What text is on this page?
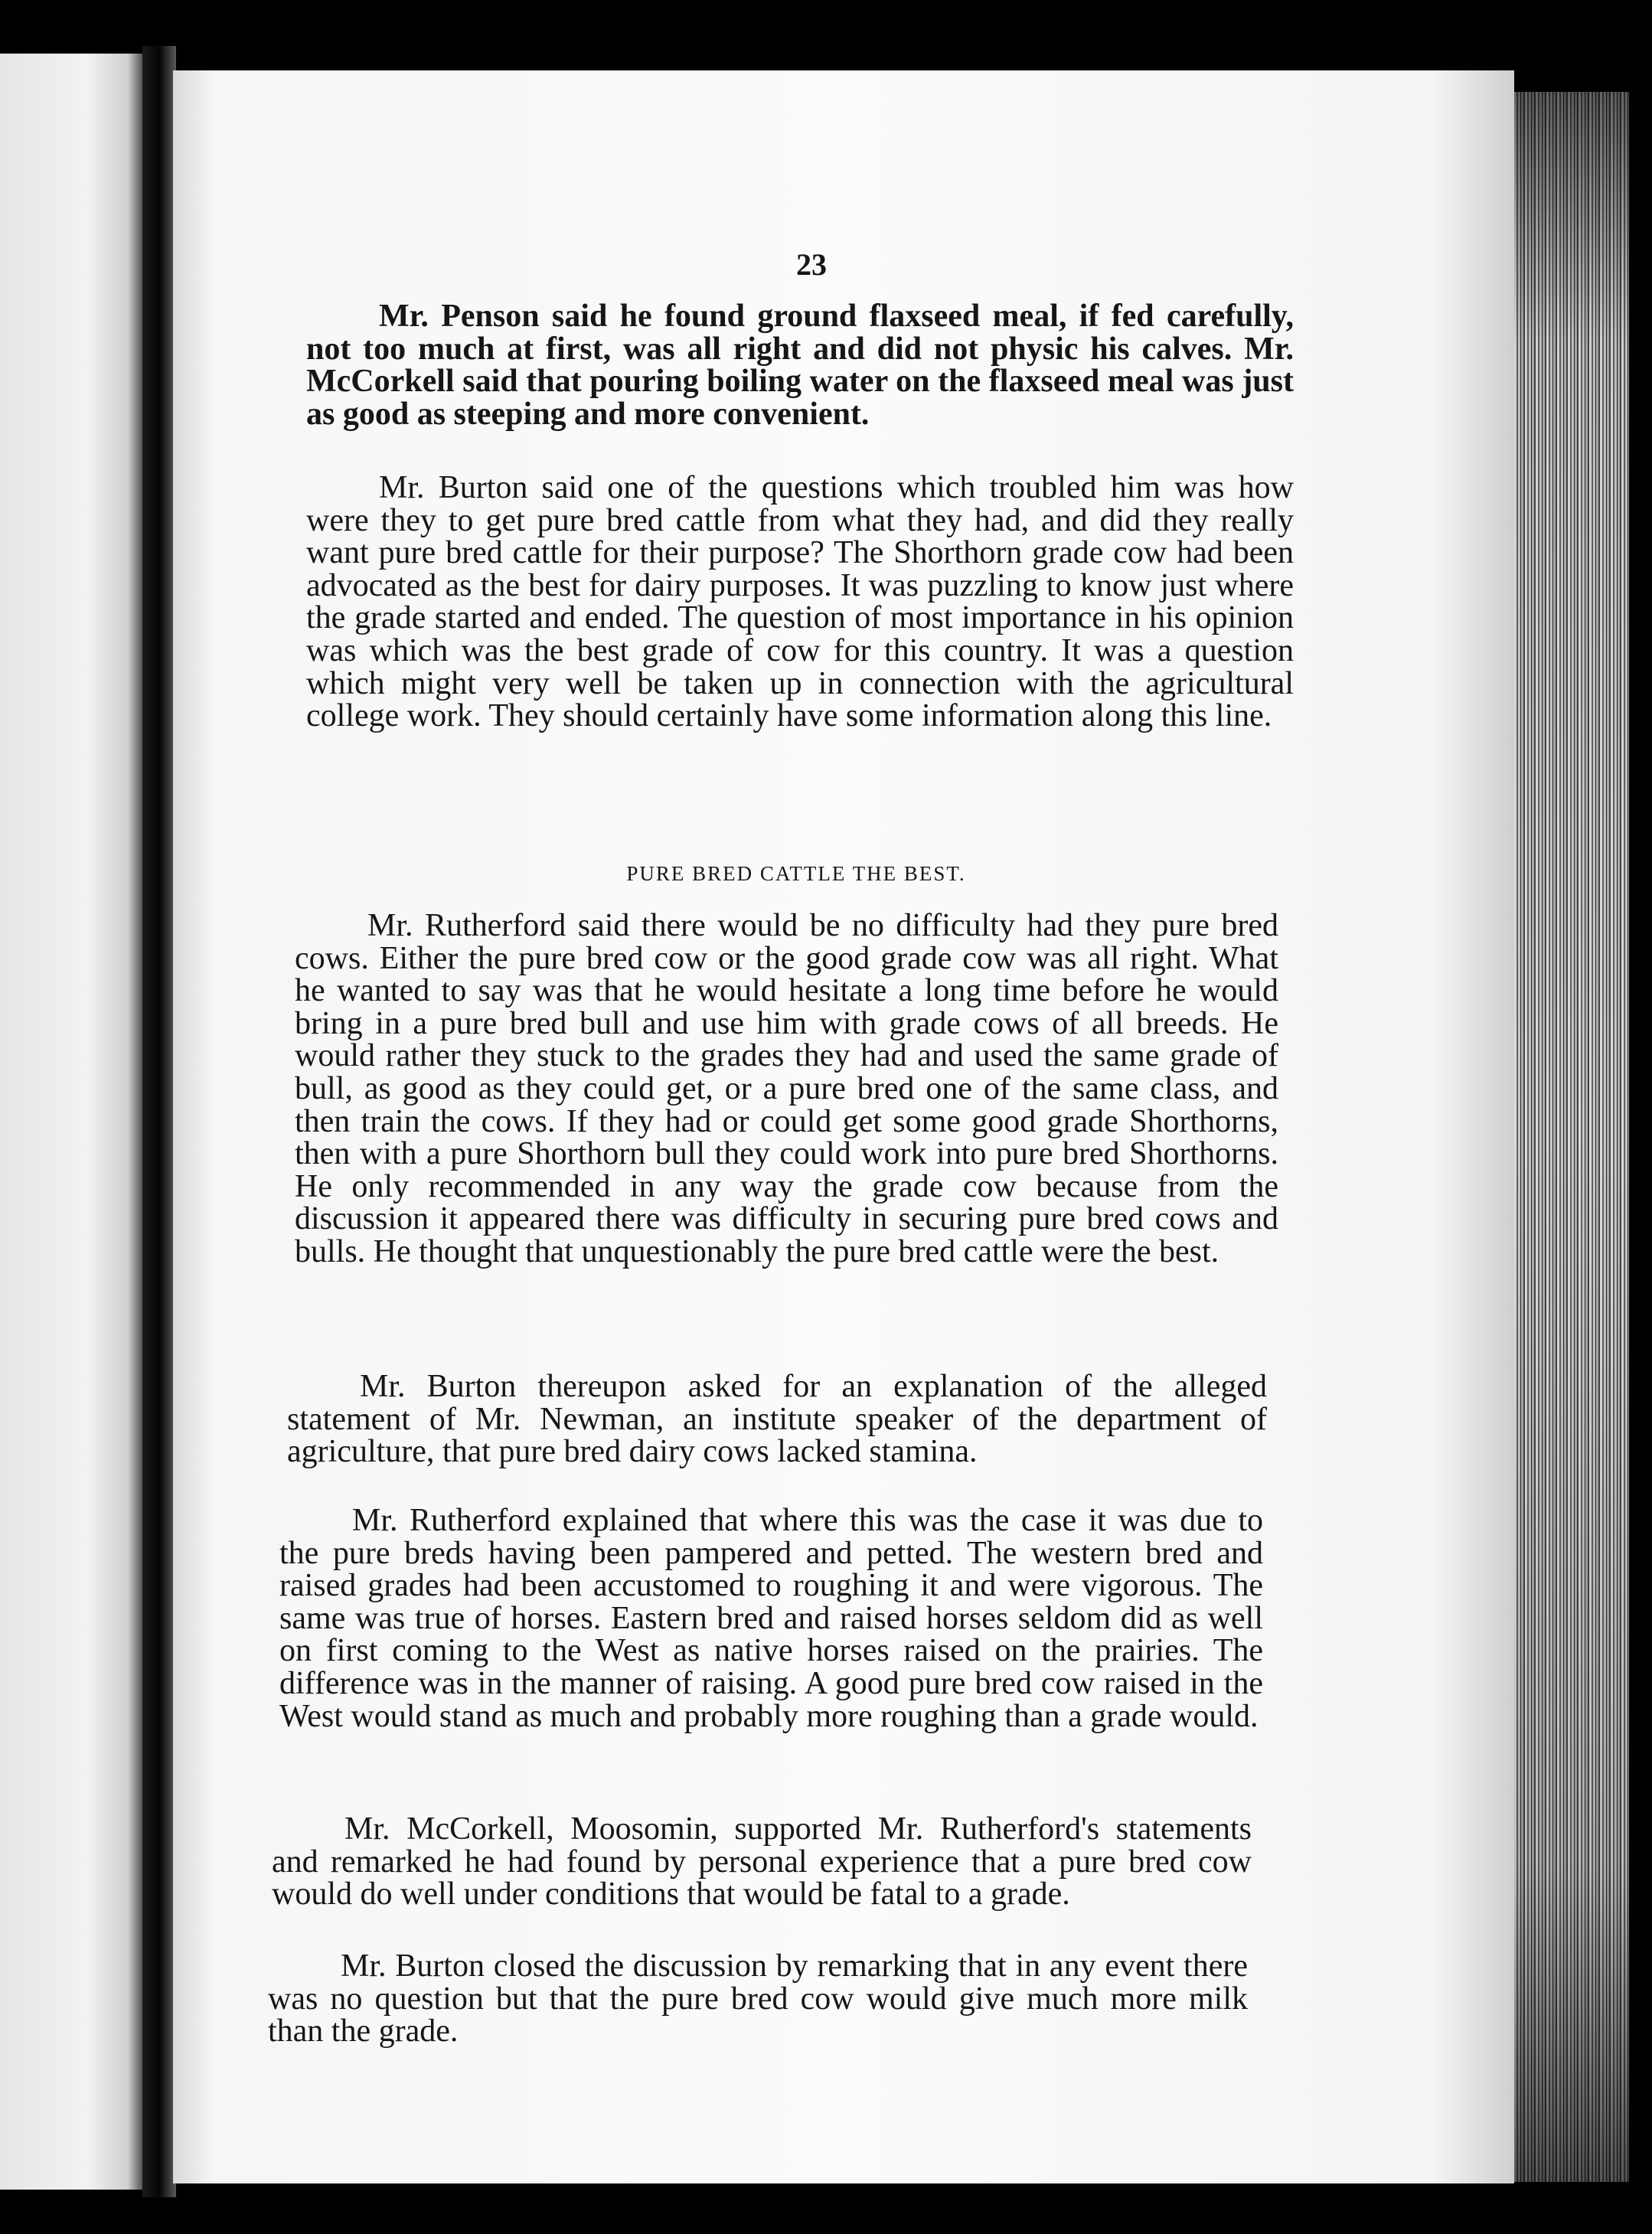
23

Mr. Penson said he found ground flaxseed meal, if fed carefully, not too much at first, was all right and did not physic his calves. Mr. McCorkell said that pouring boiling water on the flaxseed meal was just as good as steeping and more convenient.

Mr. Burton said one of the questions which troubled him was how were they to get pure bred cattle from what they had, and did they really want pure bred cattle for their purpose? The Shorthorn grade cow had been advocated as the best for dairy purposes. It was puzzling to know just where the grade started and ended. The question of most importance in his opinion was which was the best grade of cow for this country. It was a question which might very well be taken up in connection with the agricultural college work. They should certainly have some information along this line.

PURE BRED CATTLE THE BEST.

Mr. Rutherford said there would be no difficulty had they pure bred cows. Either the pure bred cow or the good grade cow was all right. What he wanted to say was that he would hesitate a long time before he would bring in a pure bred bull and use him with grade cows of all breeds. He would rather they stuck to the grades they had and used the same grade of bull, as good as they could get, or a pure bred one of the same class, and then train the cows. If they had or could get some good grade Shorthorns, then with a pure Shorthorn bull they could work into pure bred Shorthorns. He only recommended in any way the grade cow because from the discussion it appeared there was difficulty in securing pure bred cows and bulls. He thought that unquestionably the pure bred cattle were the best.

Mr. Burton thereupon asked for an explanation of the alleged statement of Mr. Newman, an institute speaker of the department of agriculture, that pure bred dairy cows lacked stamina.

Mr. Rutherford explained that where this was the case it was due to the pure breds having been pampered and petted. The western bred and raised grades had been accustomed to roughing it and were vigorous. The same was true of horses. Eastern bred and raised horses seldom did as well on first coming to the West as native horses raised on the prairies. The difference was in the manner of raising. A good pure bred cow raised in the West would stand as much and probably more roughing than a grade would.

Mr. McCorkell, Moosomin, supported Mr. Rutherford's statements and remarked he had found by personal experience that a pure bred cow would do well under conditions that would be fatal to a grade.

Mr. Burton closed the discussion by remarking that in any event there was no question but that the pure bred cow would give much more milk than the grade.
